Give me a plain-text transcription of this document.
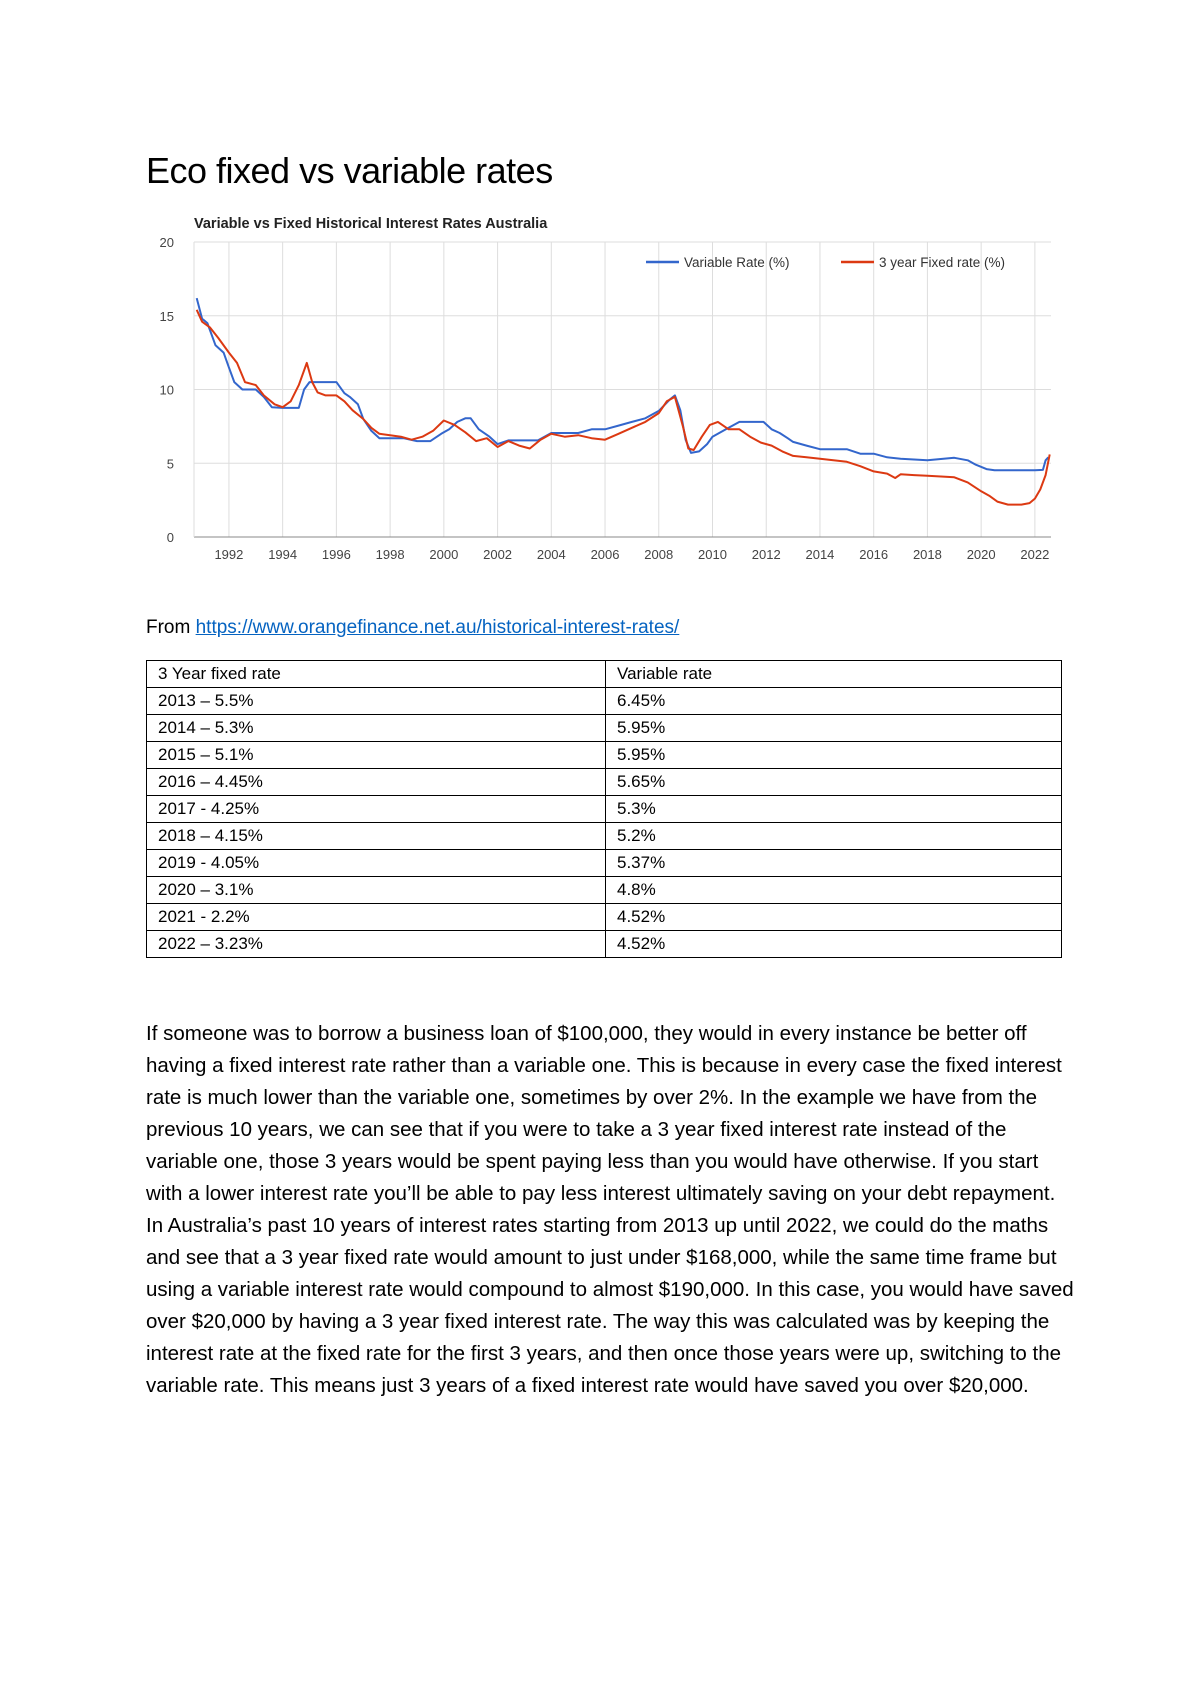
Eco fixed vs variable rates
Variable vs Fixed Historical Interest Rates Australia
1992 1994 1996 1998 2000 2002 2004 2006 2008 2010 2012 2014 2016 2018 2020 2022
0
5
10
15
20
Variable Rate (%)	3 year Fixed rate (%)
From https://www.orangefinance.net.au/historical-interest-rates/
3 Year fixed rate	Variable rate
2013 – 5.5%	6.45%
2014 – 5.3%	5.95%
2015 – 5.1%	5.95%
2016 – 4.45%	5.65%
2017 - 4.25%	5.3%
2018 – 4.15%	5.2%
2019 - 4.05%	5.37%
2020 – 3.1%	4.8%
2021 - 2.2%	4.52%
2022 – 3.23%	4.52%

If someone was to borrow a business loan of $100,000, they would in every instance be better off having a fixed interest rate rather than a variable one. This is because in every case the fixed interest rate is much lower than the variable one, sometimes by over 2%. In the example we have from the previous 10 years, we can see that if you were to take a 3 year fixed interest rate instead of the variable one, those 3 years would be spent paying less than you would have otherwise. If you start with a lower interest rate you’ll be able to pay less interest ultimately saving on your debt repayment. In Australia’s past 10 years of interest rates starting from 2013 up until 2022, we could do the maths and see that a 3 year fixed rate would amount to just under $168,000, while the same time frame but using a variable interest rate would compound to almost $190,000. In this case, you would have saved over $20,000 by having a 3 year fixed interest rate. The way this was calculated was by keeping the interest rate at the fixed rate for the first 3 years, and then once those years were up, switching to the variable rate. This means just 3 years of a fixed interest rate would have saved you over $20,000.
